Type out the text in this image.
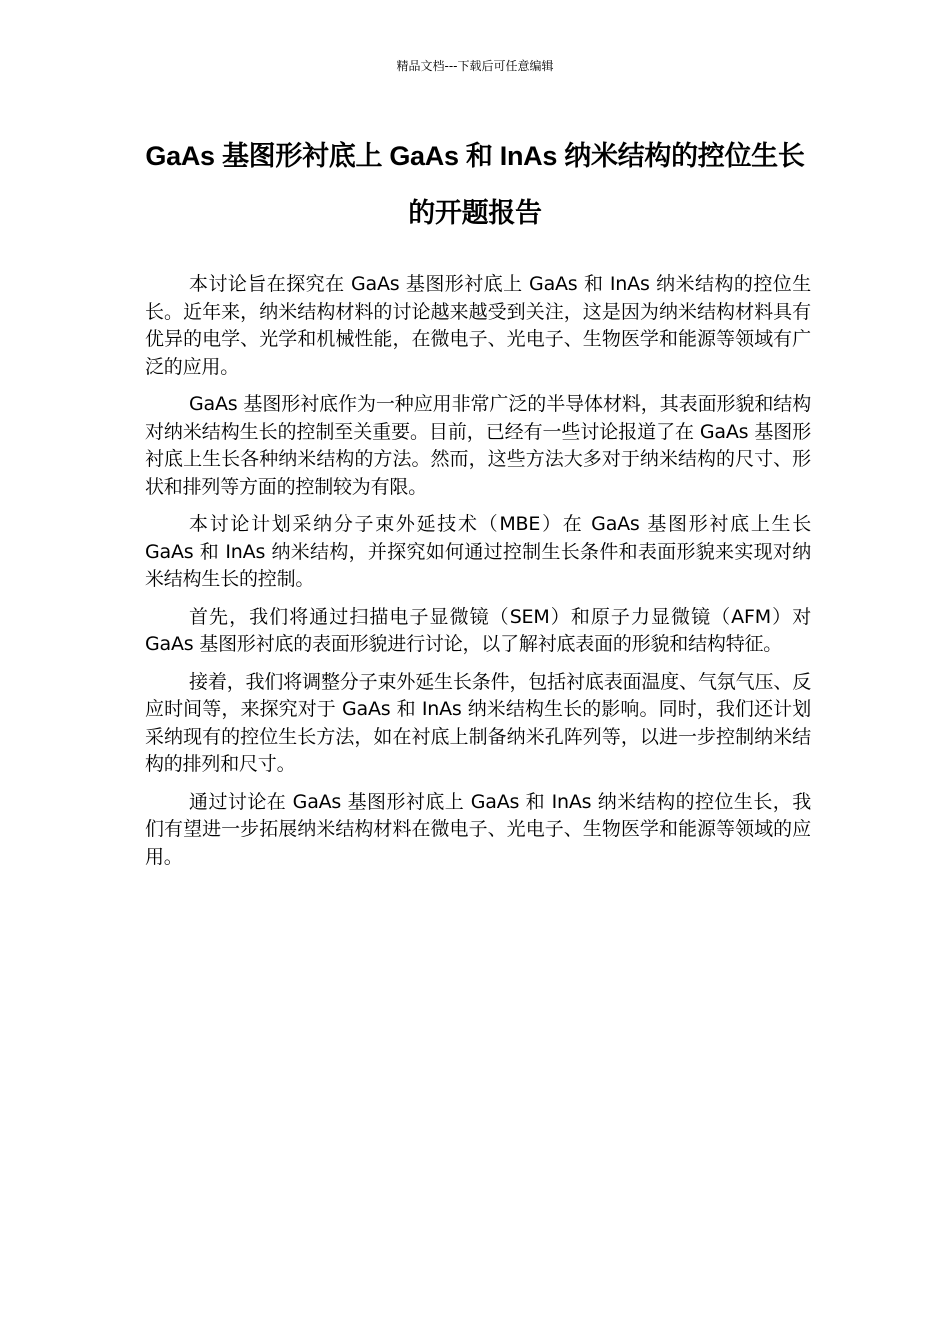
精品文档---下载后可任意编辑
GaAs 基图形衬底上 GaAs 和 InAs 纳米结构的控位生长的开题报告

本讨论旨在探究在 GaAs 基图形衬底上 GaAs 和 InAs 纳米结构的控位生长。近年来，纳米结构材料的讨论越来越受到关注，这是因为纳米结构材料具有优异的电学、光学和机械性能，在微电子、光电子、生物医学和能源等领域有广泛的应用。

GaAs 基图形衬底作为一种应用非常广泛的半导体材料，其表面形貌和结构对纳米结构生长的控制至关重要。目前，已经有一些讨论报道了在 GaAs 基图形衬底上生长各种纳米结构的方法。然而，这些方法大多对于纳米结构的尺寸、形状和排列等方面的控制较为有限。

本讨论计划采纳分子束外延技术（MBE）在 GaAs 基图形衬底上生长 GaAs 和 InAs 纳米结构，并探究如何通过控制生长条件和表面形貌来实现对纳米结构生长的控制。

首先，我们将通过扫描电子显微镜（SEM）和原子力显微镜（AFM）对 GaAs 基图形衬底的表面形貌进行讨论，以了解衬底表面的形貌和结构特征。

接着，我们将调整分子束外延生长条件，包括衬底表面温度、气氛气压、反应时间等，来探究对于 GaAs 和 InAs 纳米结构生长的影响。同时，我们还计划采纳现有的控位生长方法，如在衬底上制备纳米孔阵列等，以进一步控制纳米结构的排列和尺寸。

通过讨论在 GaAs 基图形衬底上 GaAs 和 InAs 纳米结构的控位生长，我们有望进一步拓展纳米结构材料在微电子、光电子、生物医学和能源等领域的应用。
